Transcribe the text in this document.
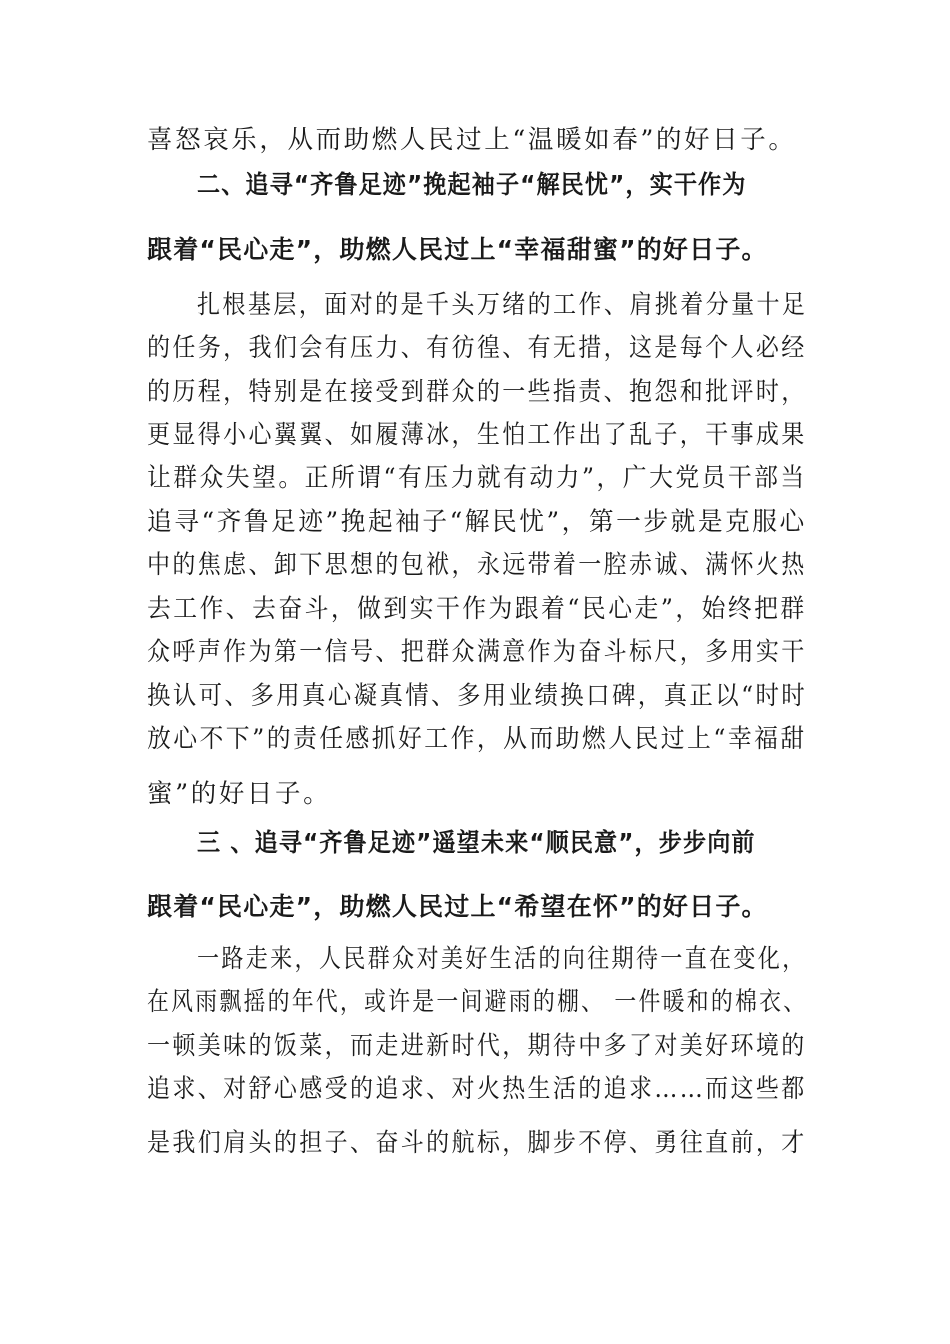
喜怒哀乐，从而助燃人民过上“温暖如春”的好日子。
二、追寻“齐鲁足迹”挽起袖子“解民忧”，实干作为
跟着“民心走”，助燃人民过上“幸福甜蜜”的好日子。
扎根基层，面对的是千头万绪的工作、肩挑着分量十足
的任务，我们会有压力、有彷徨、有无措，这是每个人必经
的历程，特别是在接受到群众的一些指责、抱怨和批评时，
更显得小心翼翼、如履薄冰，生怕工作出了乱子，干事成果
让群众失望。正所谓“有压力就有动力”，广大党员干部当
追寻“齐鲁足迹”挽起袖子“解民忧”，第一步就是克服心
中的焦虑、卸下思想的包袱，永远带着一腔赤诚、满怀火热
去工作、去奋斗，做到实干作为跟着“民心走”，始终把群
众呼声作为第一信号、把群众满意作为奋斗标尺，多用实干
换认可、多用真心凝真情、多用业绩换口碑，真正以“时时
放心不下”的责任感抓好工作，从而助燃人民过上“幸福甜
蜜”的好日子。
三 、追寻“齐鲁足迹”遥望未来“顺民意”，步步向前
跟着“民心走”，助燃人民过上“希望在怀”的好日子。
一路走来，人民群众对美好生活的向往期待一直在变化，
在风雨飘摇的年代，或许是一间避雨的棚、 一件暖和的棉衣、
一顿美味的饭菜，而走进新时代，期待中多了对美好环境的
追求、对舒心感受的追求、对火热生活的追求……而这些都
是我们肩头的担子、奋斗的航标，脚步不停、勇往直前，才
